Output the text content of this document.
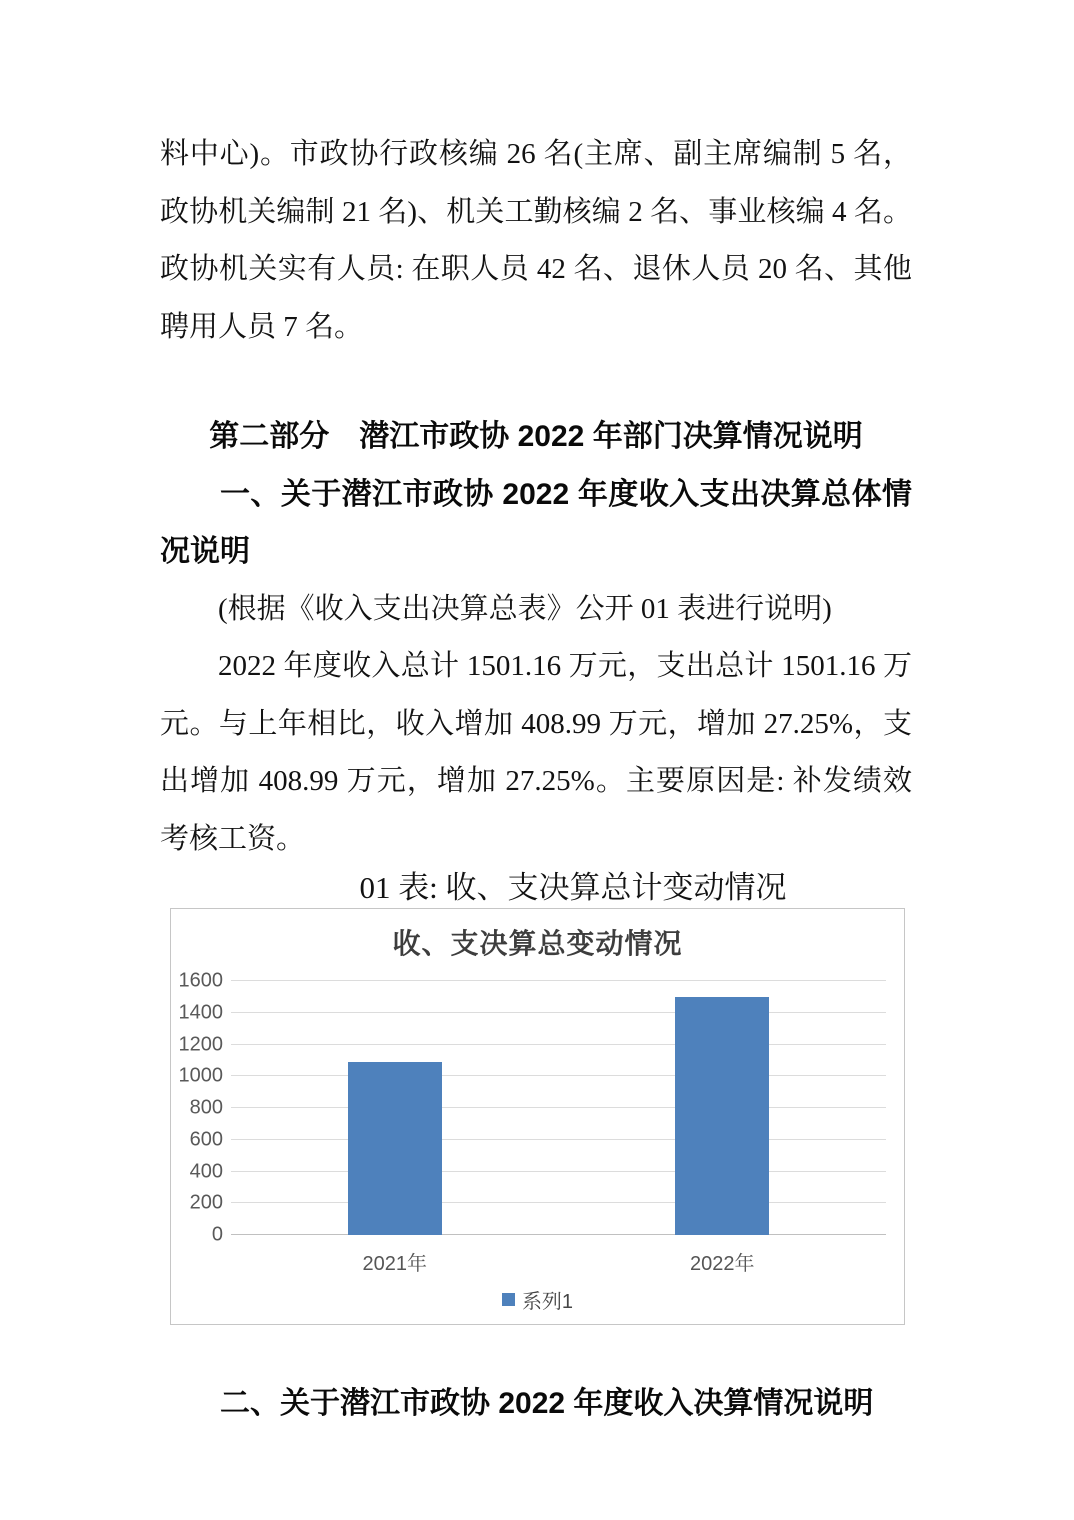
料中心)。市政协行政核编 26 名(主席、副主席编制 5 名，政协机关编制 21 名)、机关工勤核编 2 名、事业核编 4 名。政协机关实有人员: 在职人员 42 名、退休人员 20 名、其他聘用人员 7 名。

第二部分　潜江市政协 2022 年部门决算情况说明

一、关于潜江市政协 2022 年度收入支出决算总体情况说明

(根据《收入支出决算总表》公开 01 表进行说明)

2022 年度收入总计 1501.16 万元，支出总计 1501.16 万元。与上年相比，收入增加 408.99 万元，增加 27.25%，支出增加 408.99 万元，增加 27.25%。主要原因是: 补发绩效考核工资。

01 表: 收、支决算总计变动情况

收、支决算总变动情况
0
200
400
600
800
1000
1200
1400
1600
2021年	2022年
系列1

二、关于潜江市政协 2022 年度收入决算情况说明
